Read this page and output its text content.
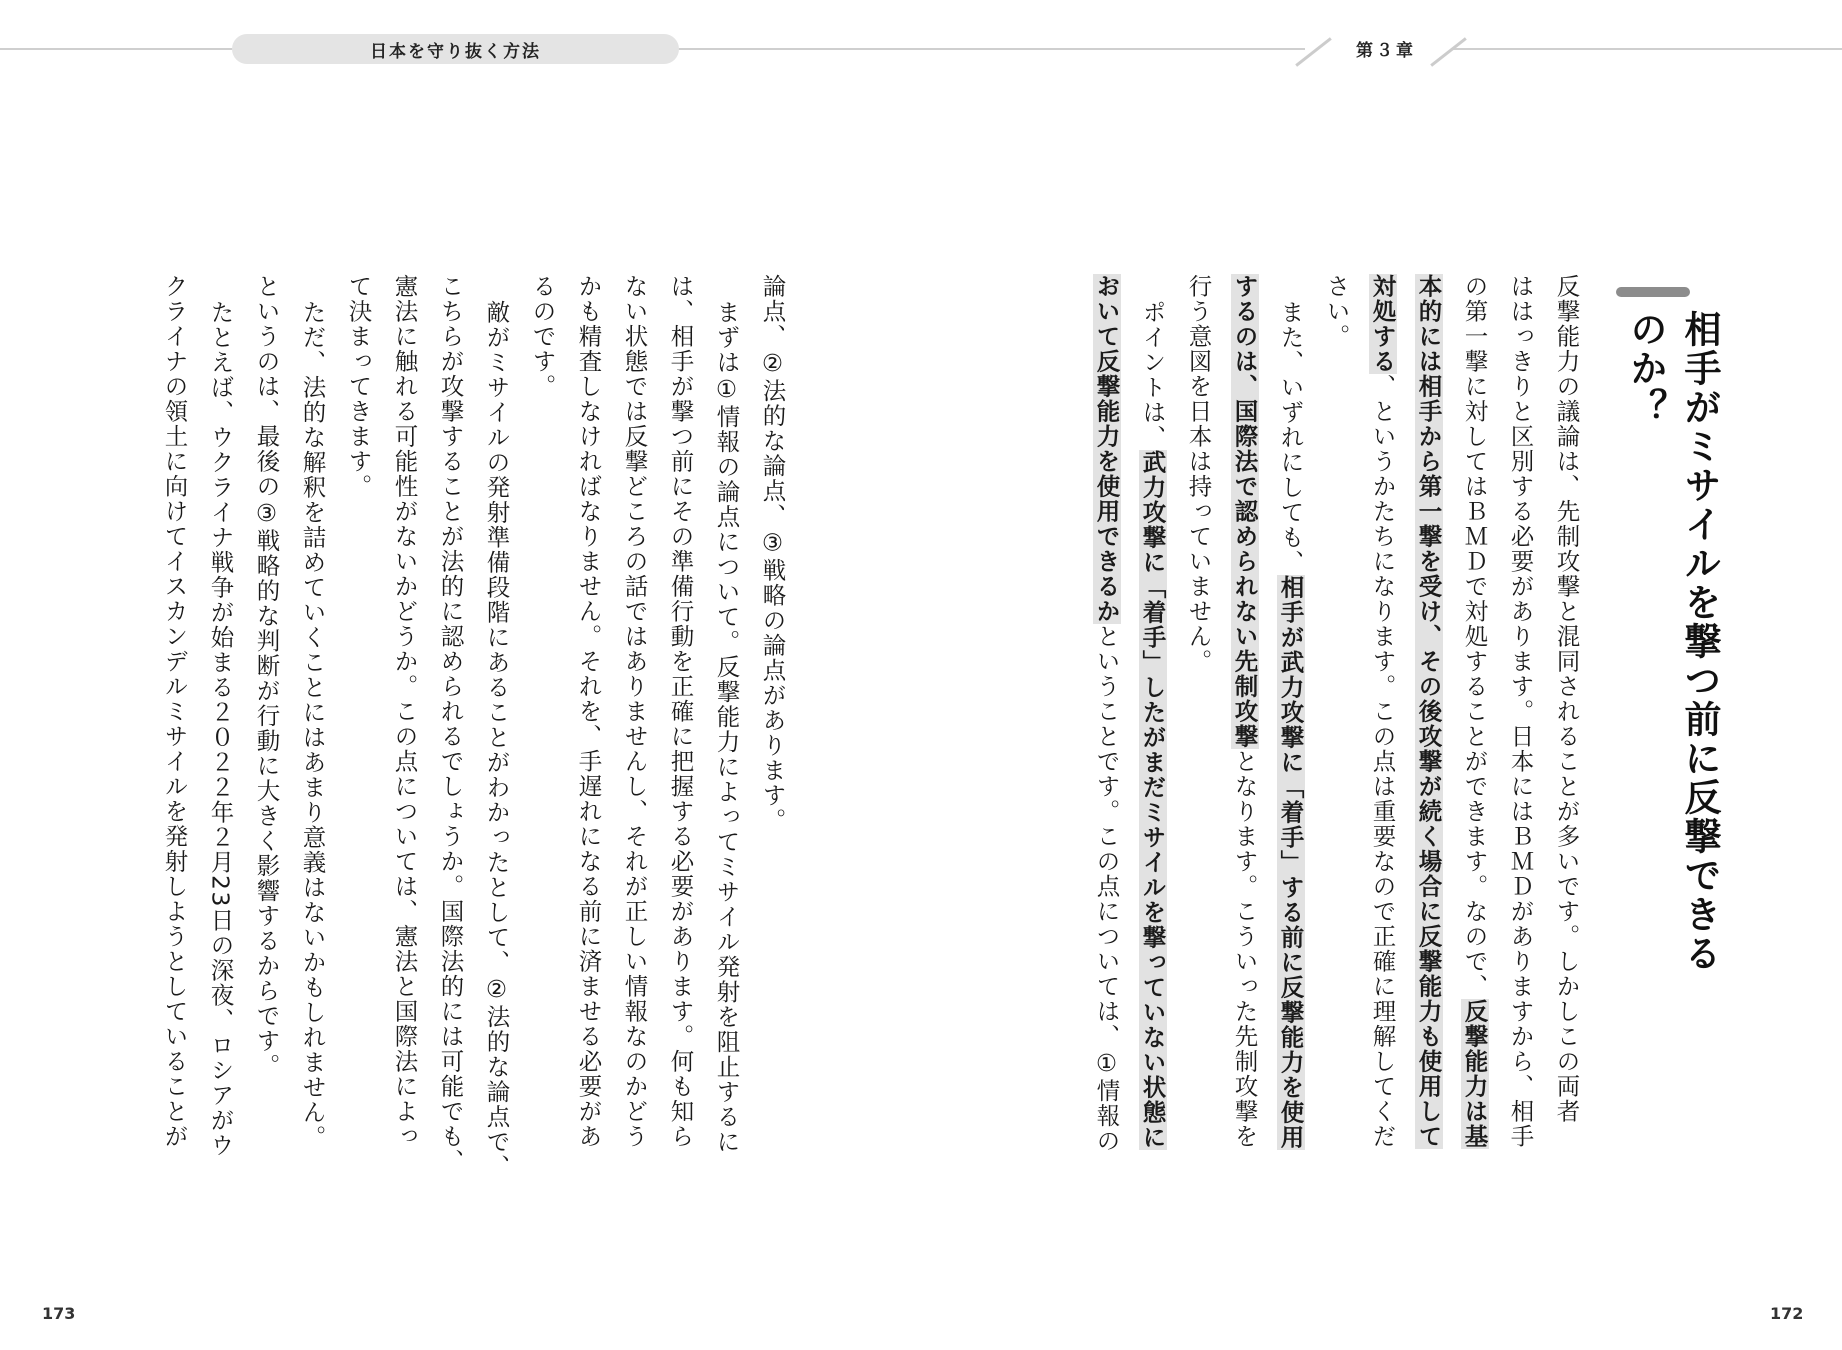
日本を守り抜く方法	第３章
相手がミサイルを撃つ前に反撃できるのか？
反撃能力の議論は、先制攻撃と混同されることが多いです。しかしこの両者
ははっきりと区別する必要があります。日本にはＢＭＤがありますから、相手
の第一撃に対してはＢＭＤで対処することができます。なので、反撃能力は基
本的には相手から第一撃を受け、その後攻撃が続く場合に反撃能力も使用して
対処する、というかたちになります。この点は重要なので正確に理解してくだ
さい。
また、いずれにしても、相手が武力攻撃に「着手」する前に反撃能力を使用
するのは、国際法で認められない先制攻撃となります。こういった先制攻撃を
行う意図を日本は持っていません。
ポイントは、武力攻撃に「着手」したがまだミサイルを撃っていない状態に
おいて反撃能力を使用できるかということです。この点については、①情報の
論点、②法的な論点、③戦略の論点があります。
まずは①情報の論点について。反撃能力によってミサイル発射を阻止するに
は、相手が撃つ前にその準備行動を正確に把握する必要があります。何も知ら
ない状態では反撃どころの話ではありませんし、それが正しい情報なのかどう
かも精査しなければなりません。それを、手遅れになる前に済ませる必要があ
るのです。
敵がミサイルの発射準備段階にあることがわかったとして、②法的な論点で、
こちらが攻撃することが法的に認められるでしょうか。国際法的には可能でも、
憲法に触れる可能性がないかどうか。この点については、憲法と国際法によっ
て決まってきます。
ただ、法的な解釈を詰めていくことにはあまり意義はないかもしれません。
というのは、最後の③戦略的な判断が行動に大きく影響するからです。
たとえば、ウクライナ戦争が始まる２０２２年２月23日の深夜、ロシアがウ
クライナの領土に向けてイスカンデルミサイルを発射しようとしていることが
173	172
